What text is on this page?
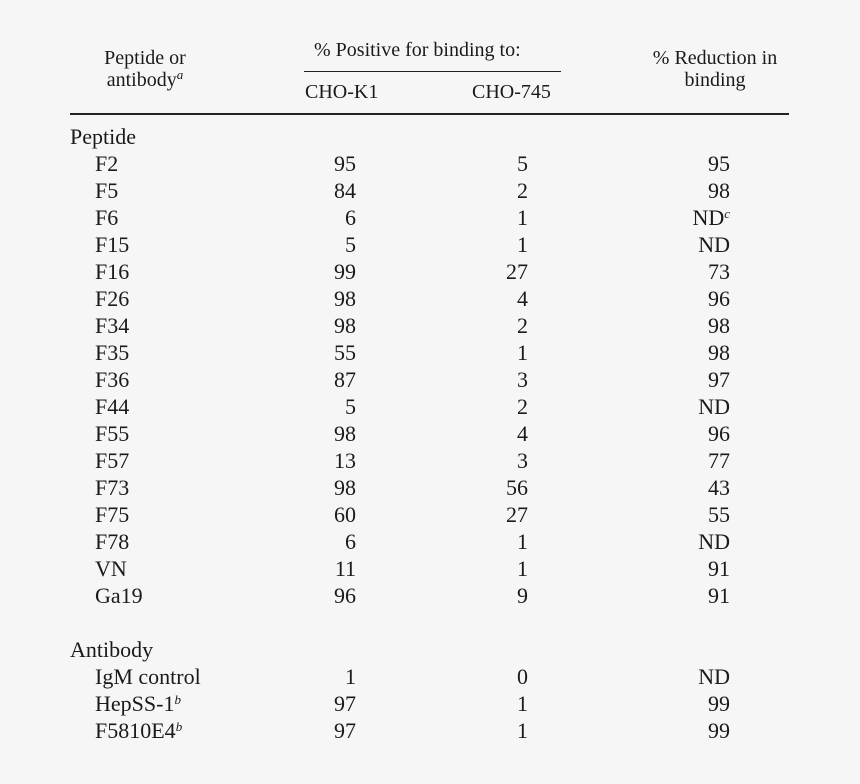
Peptide or
antibody$^a$
% Positive for binding to:
CHO-K1	CHO-745
% Reduction in
binding
Peptide
F2	95	5	95
F5	84	2	98
F6	6	1	$ND^c$
F15	5	1	ND
F16	99	27	73
F26	98	4	96
F34	98	2	98
F35	55	1	98
F36	87	3	97
F44	5	2	ND
F55	98	4	96
F57	13	3	77
F73	98	56	43
F75	60	27	55
F78	6	1	ND
VN	11	1	91
Ga19	96	9	91
Antibody
IgM control	1	0	ND
HepSS-1$^b$	97	1	99
F5810E4$^b$	97	1	99
